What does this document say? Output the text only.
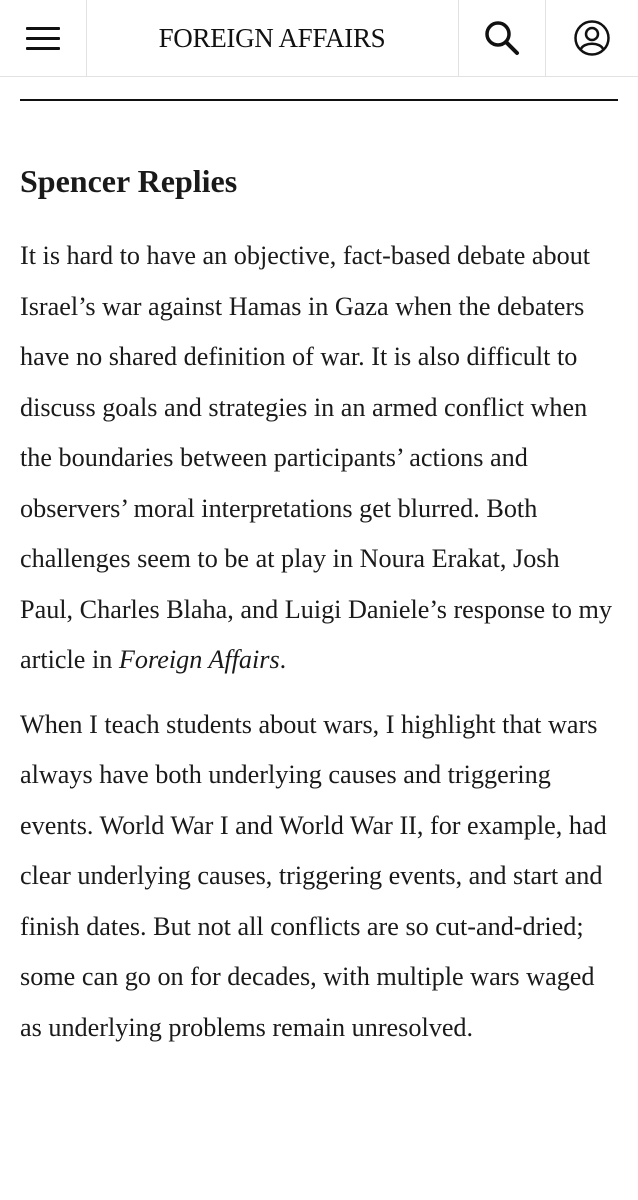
FOREIGN AFFAIRS
Spencer Replies

It is hard to have an objective, fact-based debate about Israel’s war against Hamas in Gaza when the debaters have no shared definition of war. It is also difficult to discuss goals and strategies in an armed conflict when the boundaries between participants’ actions and observers’ moral interpretations get blurred. Both challenges seem to be at play in Noura Erakat, Josh Paul, Charles Blaha, and Luigi Daniele’s response to my article in Foreign Affairs.

When I teach students about wars, I highlight that wars always have both underlying causes and triggering events. World War I and World War II, for example, had clear underlying causes, triggering events, and start and finish dates. But not all conflicts are so cut-and-dried; some can go on for decades, with multiple wars waged as underlying problems remain unresolved.
